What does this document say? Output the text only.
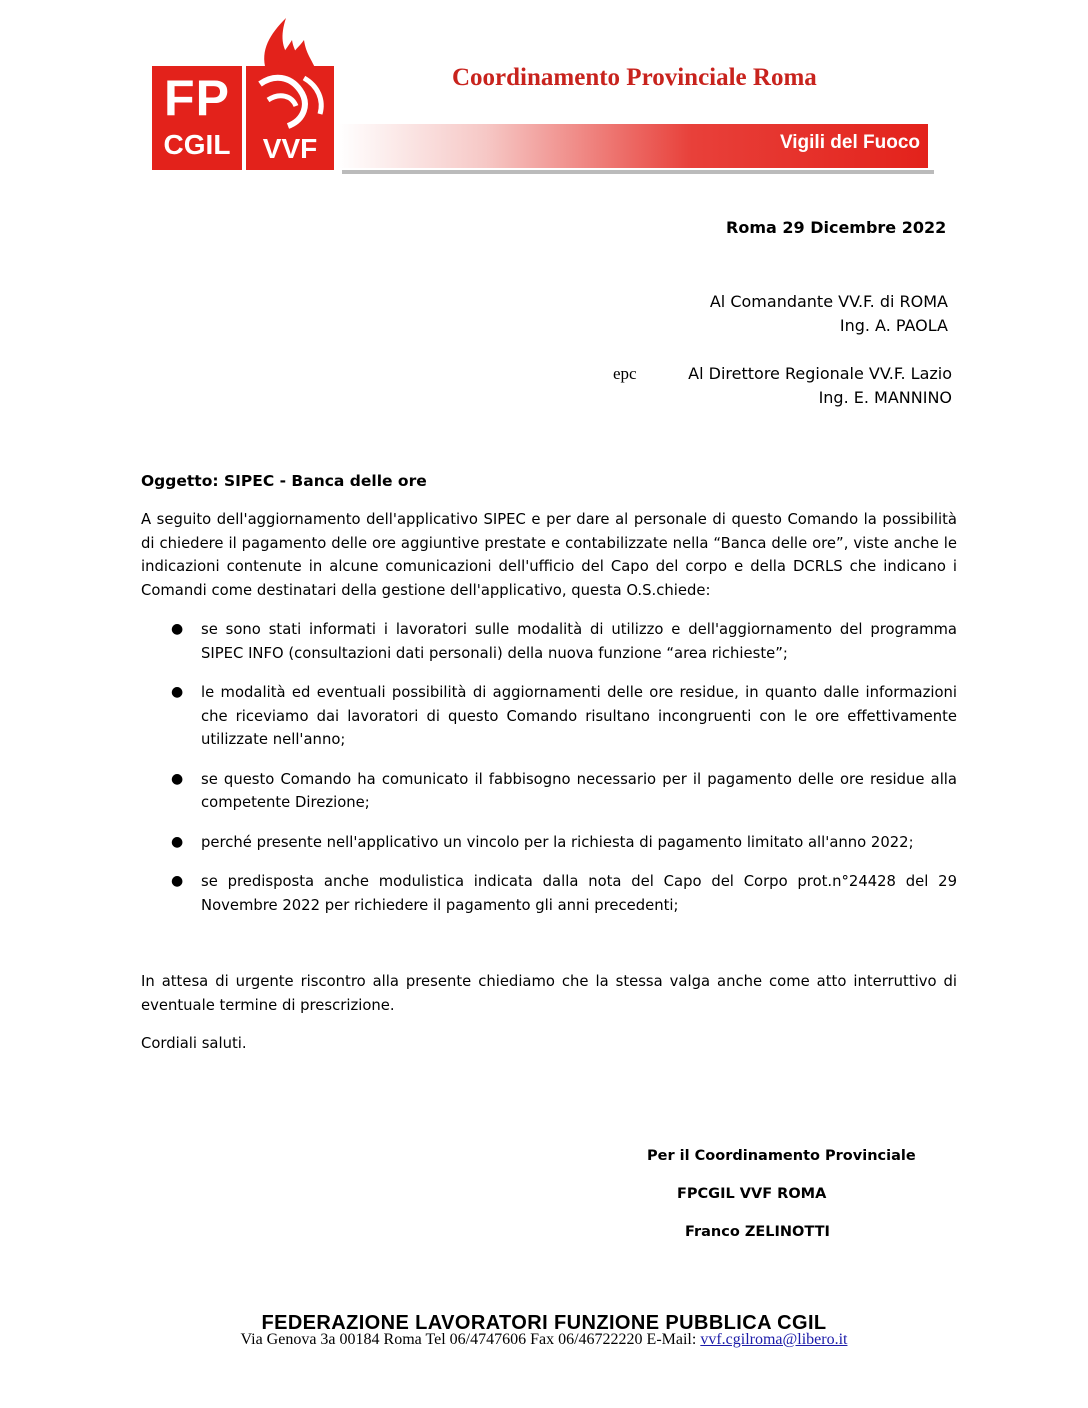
FP
CGIL	VVF
Coordinamento Provinciale Roma
Vigili del Fuoco
Roma 29 Dicembre 2022
Al Comandante VV.F. di ROMA
Ing. A. PAOLA
epc	Al Direttore Regionale VV.F. Lazio
Ing. E. MANNINO
Oggetto: SIPEC - Banca delle ore
A seguito dell'aggiornamento dell'applicativo SIPEC e per dare al personale di questo Comando la possibilità di chiedere il pagamento delle ore aggiuntive prestate e contabilizzate nella “Banca delle ore”, viste anche le indicazioni contenute in alcune comunicazioni dell'ufficio del Capo del corpo e della DCRLS che indicano i Comandi come destinatari della gestione dell'applicativo, questa O.S.chiede:
● se sono stati informati i lavoratori sulle modalità di utilizzo e dell'aggiornamento del programma SIPEC INFO (consultazioni dati personali) della nuova funzione “area richieste”;
● le modalità ed eventuali possibilità di aggiornamenti delle ore residue, in quanto dalle informazioni che riceviamo dai lavoratori di questo Comando risultano incongruenti con le ore effettivamente utilizzate nell'anno;
● se questo Comando ha comunicato il fabbisogno necessario per il pagamento delle ore residue alla competente Direzione;
● perché presente nell'applicativo un vincolo per la richiesta di pagamento limitato all'anno 2022;
● se predisposta anche modulistica indicata dalla nota del Capo del Corpo prot.n°24428 del 29 Novembre 2022 per richiedere il pagamento gli anni precedenti;
In attesa di urgente riscontro alla presente chiediamo che la stessa valga anche come atto interruttivo di eventuale termine di prescrizione.
Cordiali saluti.
Per il Coordinamento Provinciale
FPCGIL VVF ROMA
Franco ZELINOTTI
FEDERAZIONE LAVORATORI FUNZIONE PUBBLICA CGIL
Via Genova 3a 00184 Roma Tel 06/4747606 Fax 06/46722220 E-Mail: vvf.cgilroma@libero.it
